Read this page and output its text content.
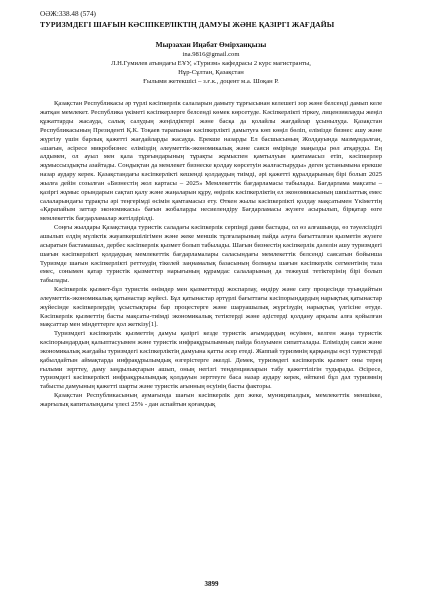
ОӘЖ:338.48 (574)
ТУРИЗМДЕГІ ШАҒЫН КӘСІПКЕРЛІКТІҢ ДАМУЫ ЖӘНЕ ҚАЗІРГІ ЖАҒДАЙЫ
Мырзахан Иңабат Өмірханқызы
ina.9816@gmail.com
Л.Н.Гумилев атындағы ЕҰУ, «Туризм» кафедрасы 2 курс магистранты,
Нұр-Сұлтан, Қазақстан
Ғылыми жетекшісі – з.ғ.к., доцент м.а. Шоқан Р.

Қазақстан Республикасы әр түрлі кәсіпкерлік салаларын дамыту тұрғысынан келешегі зор және белсенді дамып келе жатқан мемлекет. Республика үкіметі кәсіпкерлерге белсенді көмек көрсетуде. Кәсіпкерлікті тіркеу, лицензиялауды жеңіл құжаттарды жасауда, салық салудың жеңілдіктері және басқа да қолайлы жағдайлар ұсынылуда. Қазақстан Республикасының Президенті Қ.К. Тоқаев тарапынан кәсіпкерлікті дамытуға көп көңіл бөліп, елімізде бизнес ашу және жүргізу үшін барлық қажетті жағдайларды жасауда. Ерекше назарды Ел басшысының Жолдауында мазмұндалған, «шағын, әсіресе микробизнес еліміздің әлеуметтік-экономикалық және саяси өмірінде маңызды рөл атқаруды. Ең алдымен, ол ауыл мен қала тұрғындарының тұрақты жұмыспен қамтылуын қамтамасыз етіп, кәсіпкерлер жұмыссыздықты азайтады. Сондықтан да мемлекет бизнеске қолдау көрсетуін жалғастыруды» деген ұстанымына ерекше назар аудару керек. Қазақстандағы кәсіпкерлікті кешенді қолдаудың тиімді, әрі қажетті құралдарының бірі болып 2025 жылға дейін созылған «Бизнестің жол картасы – 2025» Мемлекеттік бағдарламасы табылады. Бағдарлама мақсаты – қазіргі жұмыс орындарын сақтап қалу және жаңаларын құру, өңірлік кәсіпкерліктің ел экономикасының шикізаттық емес салаларындағы тұрақты әрі теңгерімді өсімін қамтамасыз ету. Өткен жылы кәсіпкерлікті қолдау мақсатымен Үкіметтің «Қарапайым заттар экономикасы» бағын жобаларды несиелендіру Бағдарламасы жүзеге асырылып, бірқатар өзге мемлекеттік бағдарламалар жетілдірілді.

Соңғы жылдары Қазақстанда туристік саладағы кәсіпкерлік серпінді дами бастады, ол өз алғашында, өз тәуелсіздігі ашылып елдің мүліктік жауапкершілігімен және жеке меншік тұлғаларының пайда алуға бағытталған қызметін жүзеге асыратын бастамашыл, дербес кәсіпкерлік қызмет болып табылады. Шағын бизнестің кәсіпкерлік дәлелін ашу туризмдегі шағын кәсіпкерлікті қолдаудың мемлекеттік бағдарламалары саласындағы мемлекеттік белсенді саясатын бойынша Туризмде шағын кәсіпкерлікті реттеудің тікелей заңнамалық базасының болмауы шағын кәсіпкерлік сегментінің таза емес, сонымен қатар туристік қызметтер нарығының құрамдас салаларының да тежеуші тетіктерінің бірі болып табылады.

Кәсіпкерлік қызмет-бұл туристік өнімдер мен қызметтерді жоспарлау, өндіру және сату процесінде туындайтын әлеуметтік-экономикалық қатынастар жүйесі. Бұл қатынастар әртүрлі бағыттағы кәсіпорындардың нарықтық қатынастар жүйесінде кәсіпкерлердің ұсыстықтары бар процестерге және шаруашылық жүргізудің нарықтық үлгісіне өтуде. Кәсіпкерлік қызметтің басты мақсаты-тиімді экономикалық тетіктерді және әдістерді қолдану арқылы алға қойылған мақсаттар мен міндеттерге қол жеткізу[1].

Туризмдегі кәсіпкерлік қызметтің дамуы қазіргі кезде туристік ағымдардың өсуімен, келген жаңа туристік кәсіпорындардың қалыптасуымен және туристік инфрақұрылымның пайда болуымен сипатталады. Еліміздің саяси және экономикалық жағдайы туризмдегі кәсіпкерліктің дамуына қатты әсер етеді. Жаппай туризмнің қарқынды өсуі туристерді қабылдайтын аймақтарда инфрақұрылымдық өзгерістерге әкелді. Демек, туризмдегі кәсіпкерлік қызмет оны терең ғылыми зерттеу, даму заңдылықтарын ашып, оның негізгі тенденцияларын табу қажеттілігін тудырады. Әсіресе, туризмдегі кәсіпкерлікті инфрақұрылымдық қолдауын зерттеуге баса назар аудару керек, өйткені бұл дәл туризмнің табысты дамуының қажетті шарты және туристік ағынның өсуінің басты факторы.

Қазақстан Республикасының аумағында шағын кәсіпкерлік деп жеке, муниципалдық, мемлекеттік меншікке, жарғылық капиталындағы үлесі 25% - дан аспайтын қоғамдық

3899
